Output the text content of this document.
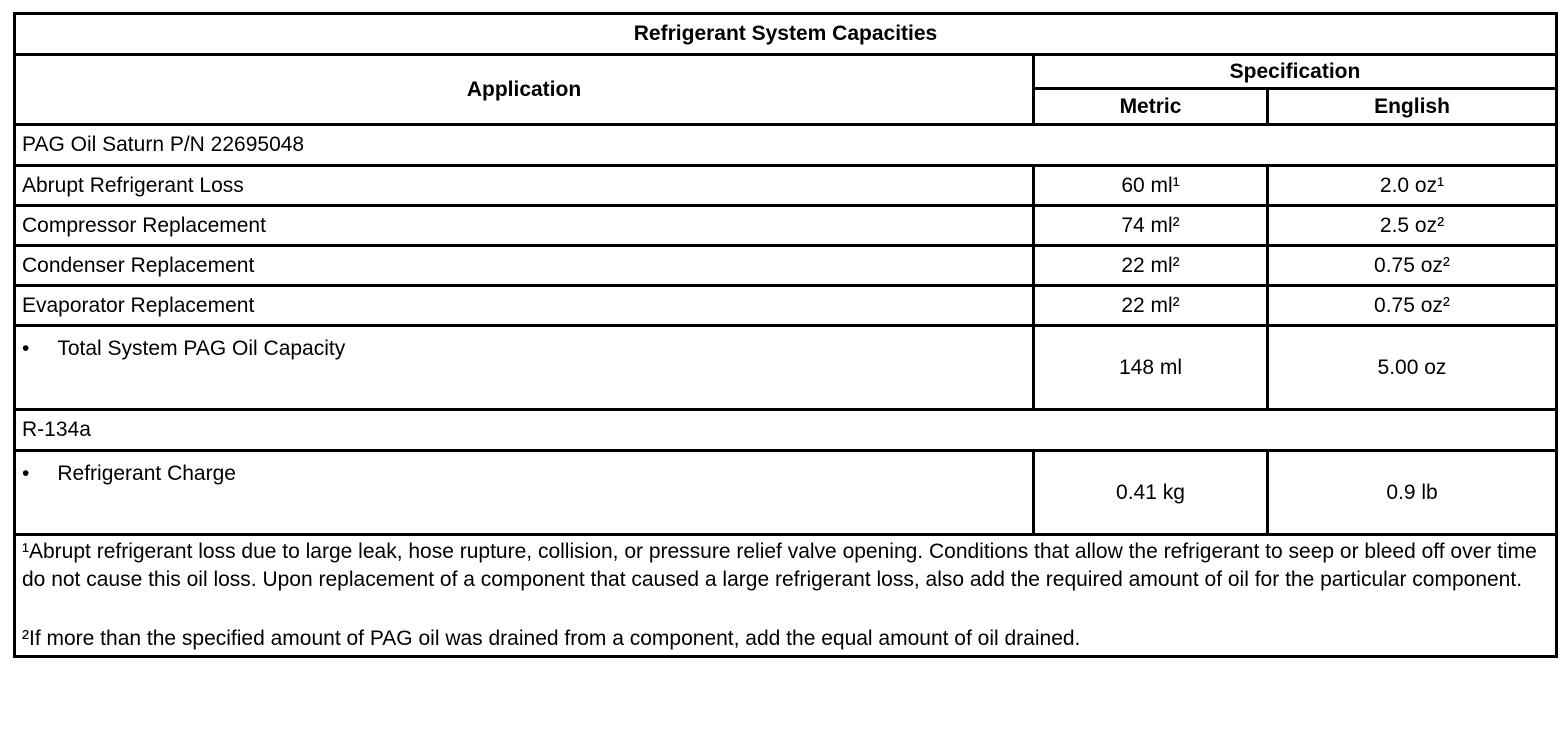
Refrigerant System Capacities		
Application	Specification	
	Metric	English
PAG Oil Saturn P/N 22695048		
Abrupt Refrigerant Loss	60 ml¹	2.0 oz¹
Compressor Replacement	74 ml²	2.5 oz²
Condenser Replacement	22 ml²	0.75 oz²
Evaporator Replacement	22 ml²	0.75 oz²
• Total System PAG Oil Capacity	148 ml	5.00 oz
R-134a		
• Refrigerant Charge	0.41 kg	0.9 lb

¹Abrupt refrigerant loss due to large leak, hose rupture, collision, or pressure relief valve opening. Conditions that allow the refrigerant to seep or bleed off over time do not cause this oil loss. Upon replacement of a component that caused a large refrigerant loss, also add the required amount of oil for the particular component.

²If more than the specified amount of PAG oil was drained from a component, add the equal amount of oil drained.		
